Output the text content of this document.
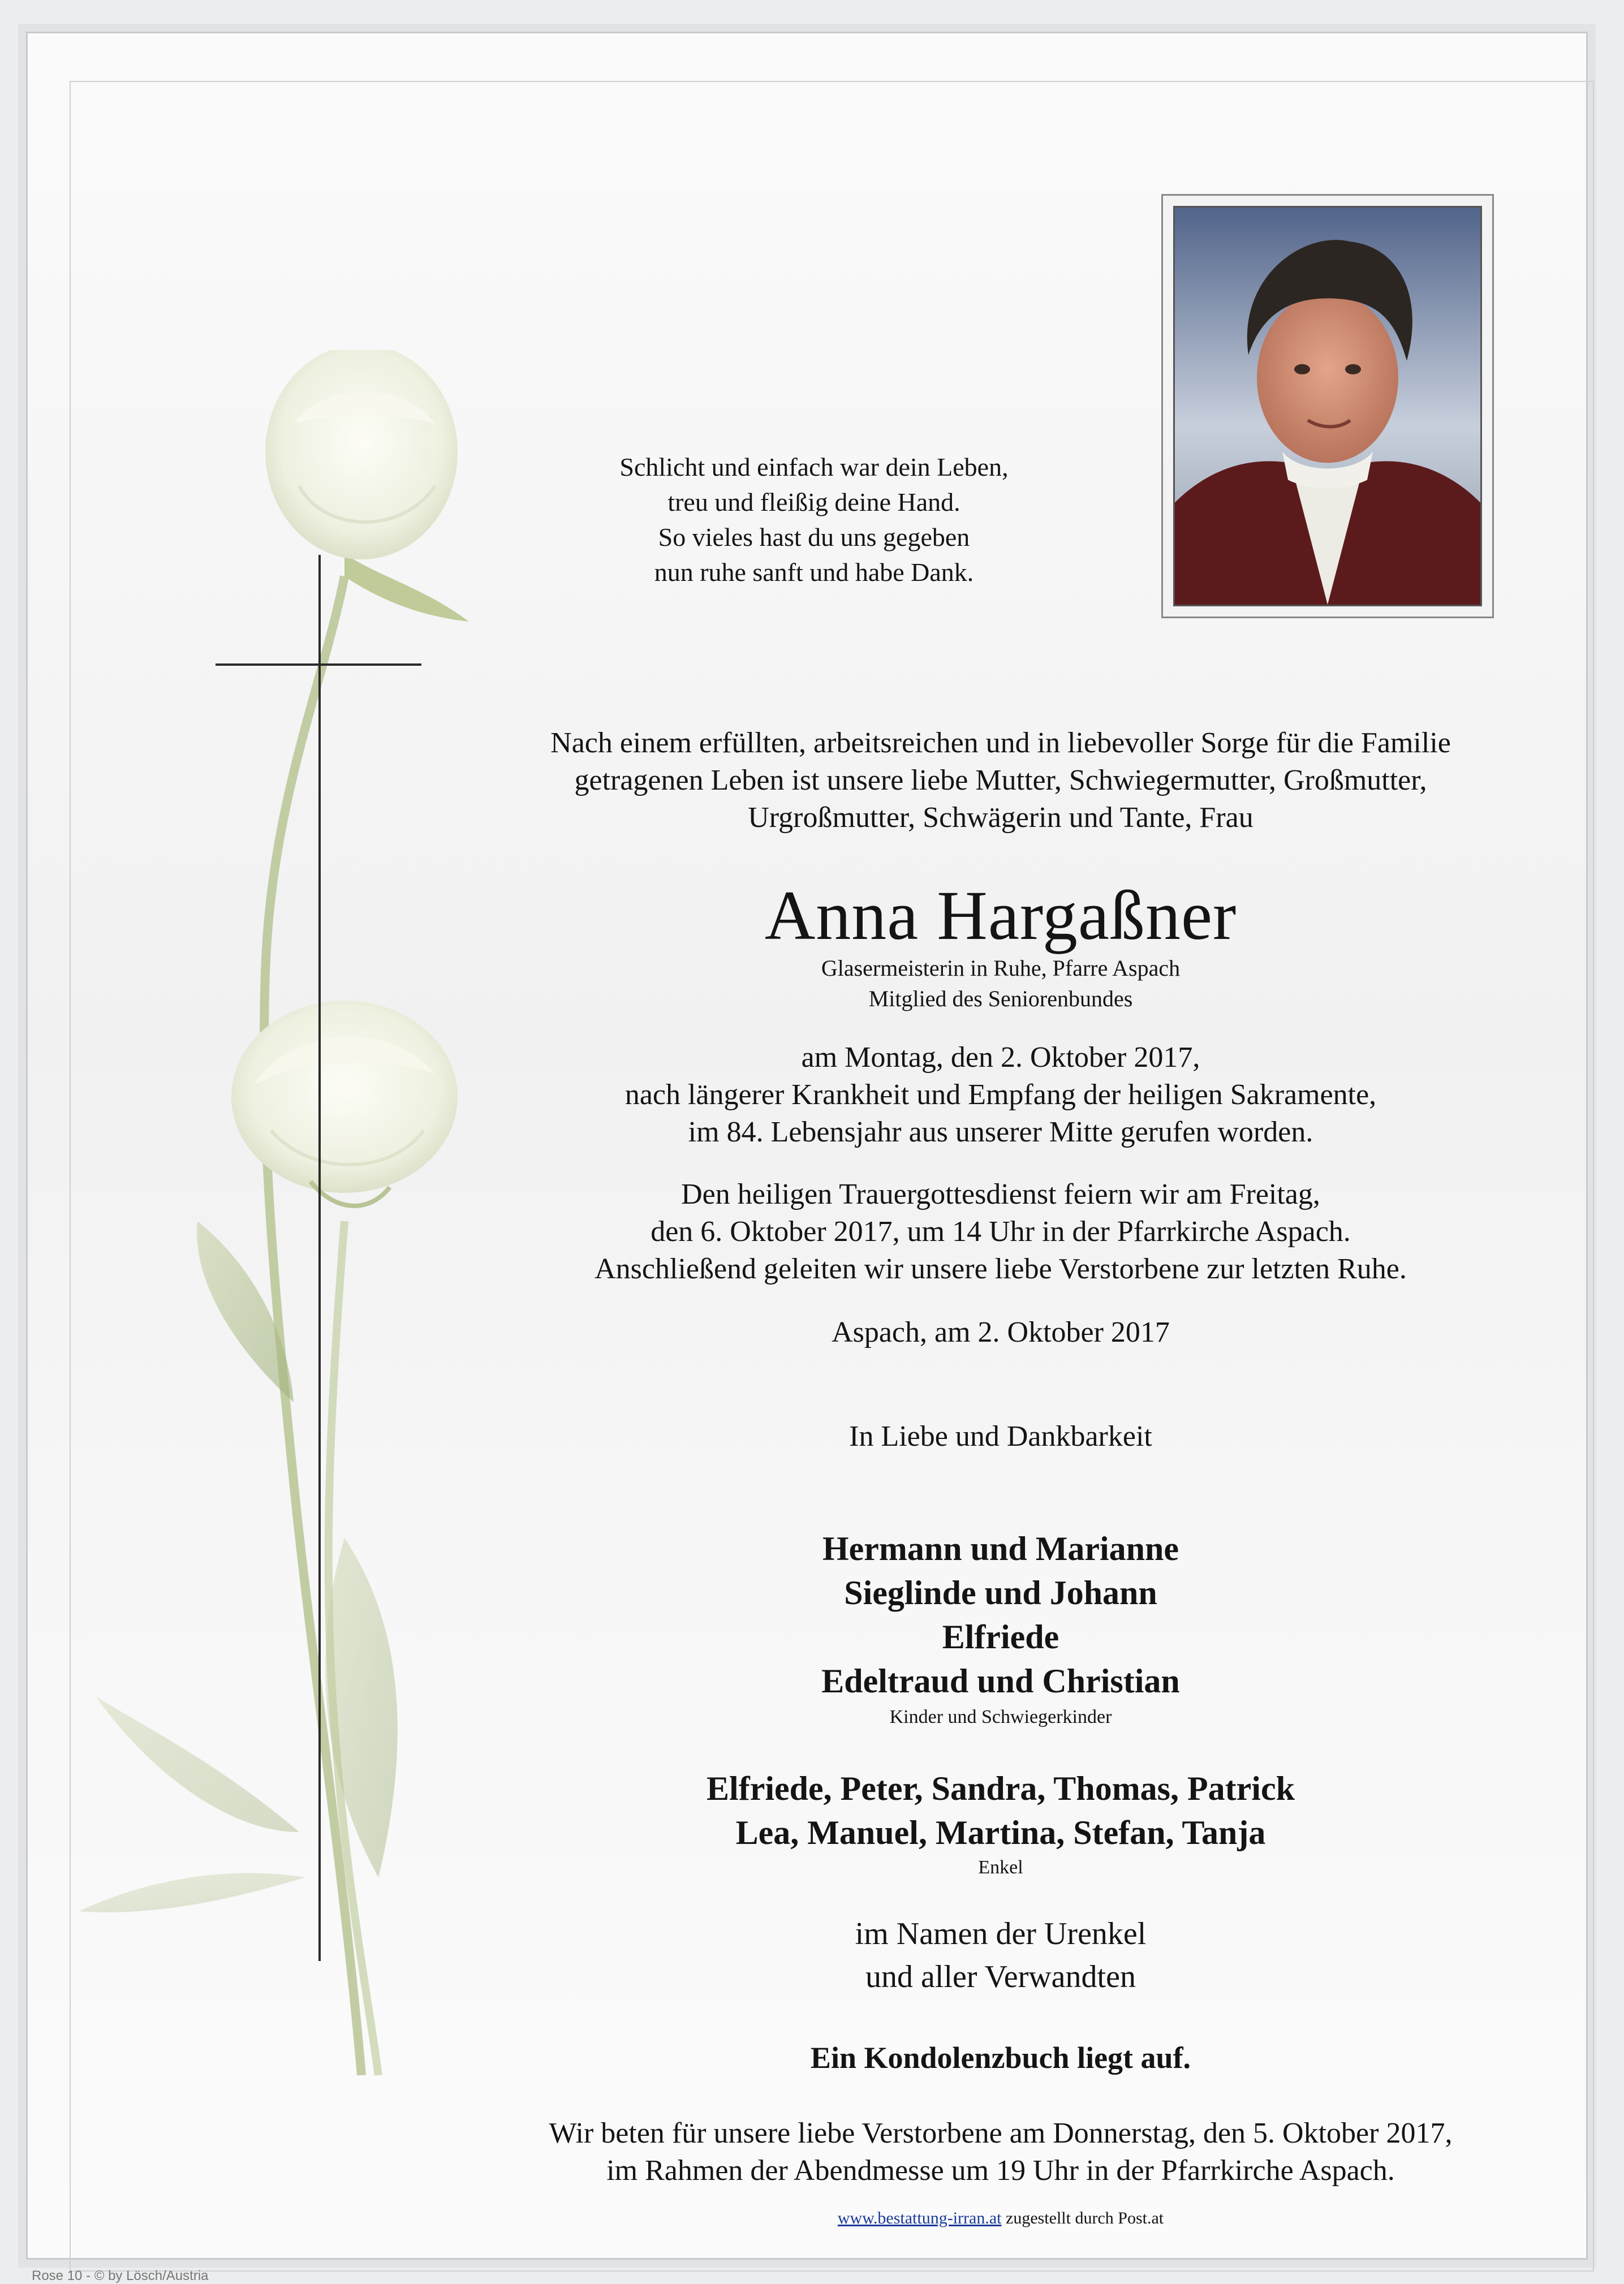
Schlicht und einfach war dein Leben,
treu und fleißig deine Hand.
So vieles hast du uns gegeben
nun ruhe sanft und habe Dank.
Nach einem erfüllten, arbeitsreichen und in liebevoller Sorge für die Familie
getragenen Leben ist unsere liebe Mutter, Schwiegermutter, Großmutter,
Urgroßmutter, Schwägerin und Tante, Frau
Anna Hargaßner
Glasermeisterin in Ruhe, Pfarre Aspach
Mitglied des Seniorenbundes
am Montag, den 2. Oktober 2017,
nach längerer Krankheit und Empfang der heiligen Sakramente,
im 84. Lebensjahr aus unserer Mitte gerufen worden.
Den heiligen Trauergottesdienst feiern wir am Freitag,
den 6. Oktober 2017, um 14 Uhr in der Pfarrkirche Aspach.
Anschließend geleiten wir unsere liebe Verstorbene zur letzten Ruhe.
Aspach, am 2. Oktober 2017
In Liebe und Dankbarkeit
Hermann und Marianne
Sieglinde und Johann
Elfriede
Edeltraud und Christian
Kinder und Schwiegerkinder
Elfriede, Peter, Sandra, Thomas, Patrick
Lea, Manuel, Martina, Stefan, Tanja
Enkel
im Namen der Urenkel
und aller Verwandten
Ein Kondolenzbuch liegt auf.
Wir beten für unsere liebe Verstorbene am Donnerstag, den 5. Oktober 2017,
im Rahmen der Abendmesse um 19 Uhr in der Pfarrkirche Aspach.
www.bestattung-irran.at zugestellt durch Post.at
Rose 10 - © by Lösch/Austria
